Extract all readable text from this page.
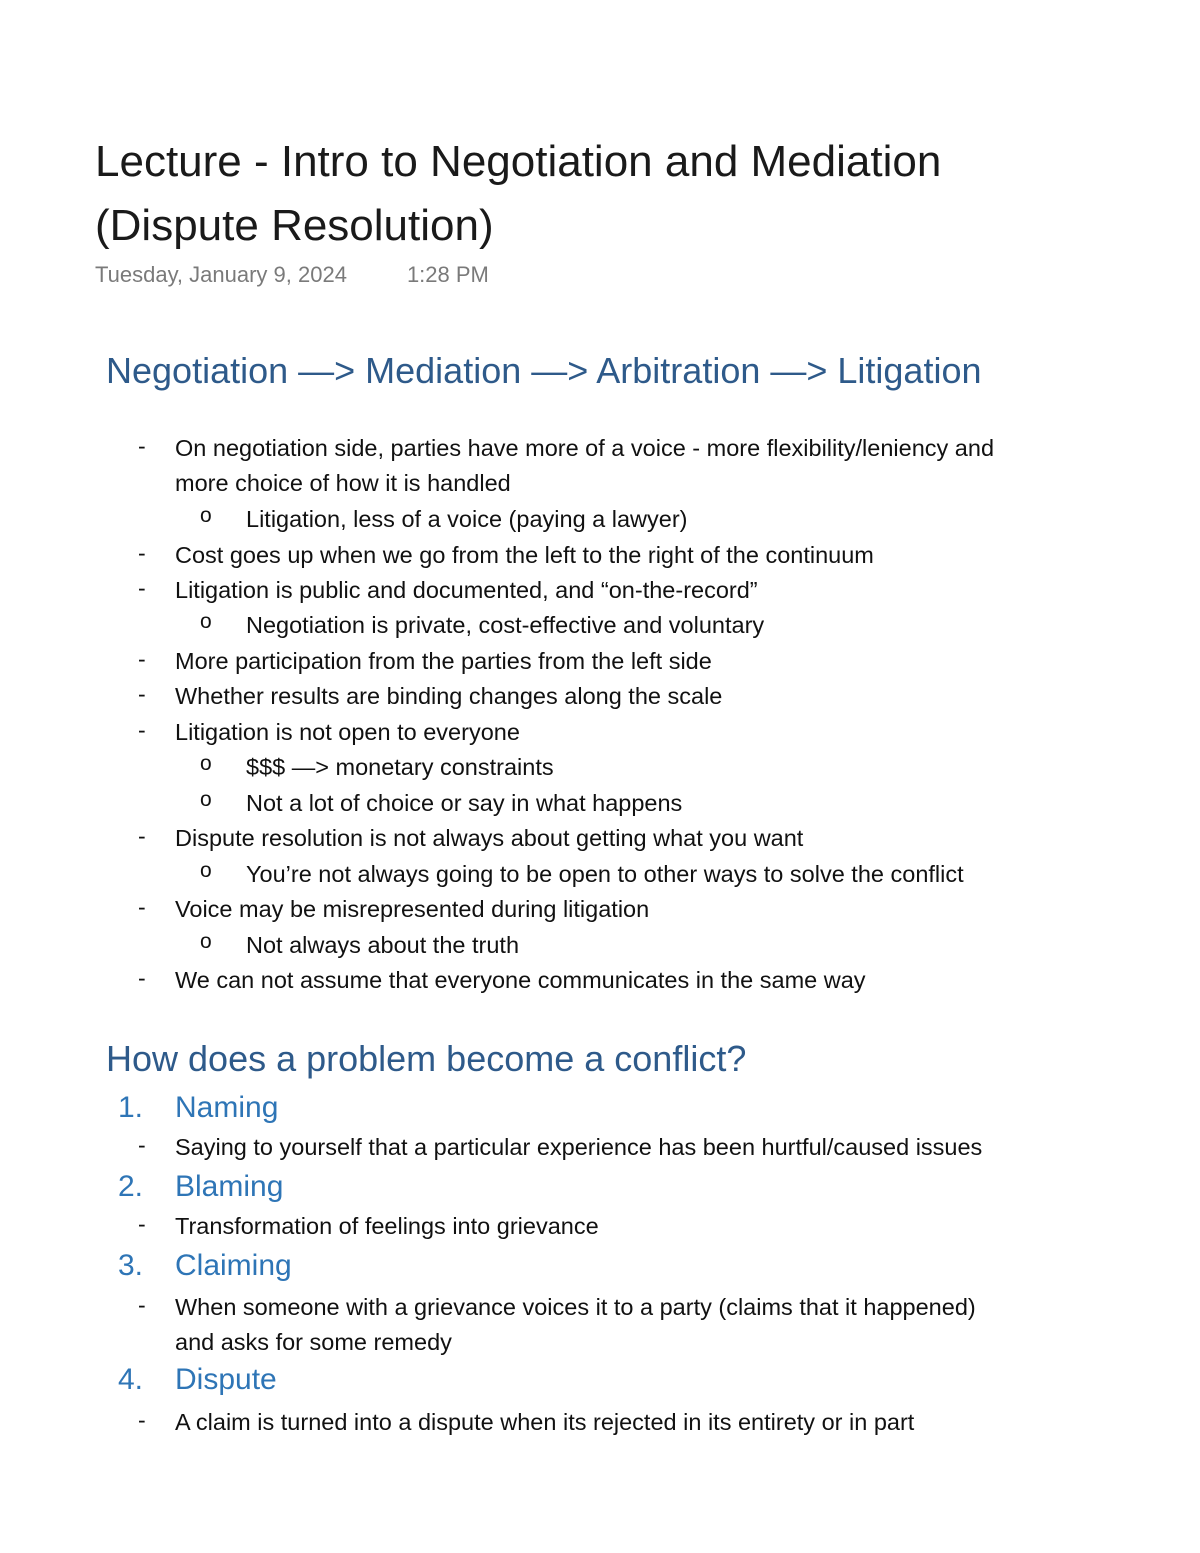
Lecture - Intro to Negotiation and Mediation
(Dispute Resolution)
Tuesday, January 9, 2024	1:28 PM
Negotiation —> Mediation —> Arbitration —> Litigation
-	On negotiation side, parties have more of a voice - more flexibility/leniency and
more choice of how it is handled
o Litigation, less of a voice (paying a lawyer)
-	Cost goes up when we go from the left to the right of the continuum
-	Litigation is public and documented, and “on-the-record”
o Negotiation is private, cost-effective and voluntary
-	More participation from the parties from the left side
-	Whether results are binding changes along the scale
-	Litigation is not open to everyone
o $$$ —> monetary constraints
o Not a lot of choice or say in what happens
-	Dispute resolution is not always about getting what you want
o You’re not always going to be open to other ways to solve the conflict
-	Voice may be misrepresented during litigation
o Not always about the truth
-	We can not assume that everyone communicates in the same way
How does a problem become a conflict?
1. Naming
-	Saying to yourself that a particular experience has been hurtful/caused issues
2. Blaming
-	Transformation of feelings into grievance
3. Claiming
-	When someone with a grievance voices it to a party (claims that it happened)
and asks for some remedy
4. Dispute
-	A claim is turned into a dispute when its rejected in its entirety or in part
